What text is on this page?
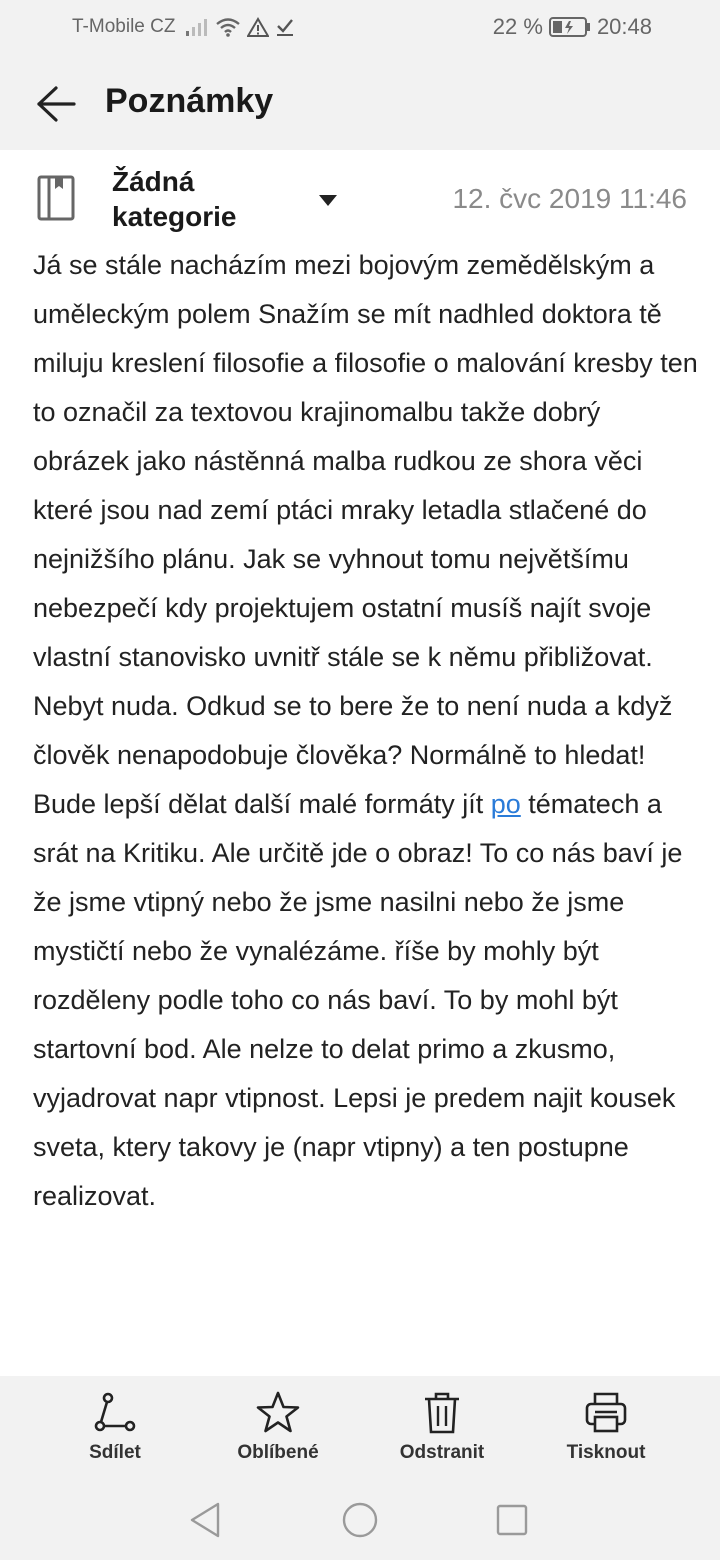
T-Mobile CZ	22 % 20:48
Poznámky
Žádná kategorie
12. čvc 2019 11:46

Já se stále nacházím mezi bojovým zemědělským a uměleckým polem Snažím se mít nadhled doktora tě miluju kreslení filosofie a filosofie o malování kresby ten to označil za textovou krajinomalbu takže dobrý obrázek jako nástěnná malba rudkou ze shora věci které jsou nad zemí ptáci mraky letadla stlačené do nejnižšího plánu. Jak se vyhnout tomu největšímu nebezpečí kdy projektujem ostatní musíš najít svoje vlastní stanovisko uvnitř stále se k němu přibližovat. Nebyt nuda. Odkud se to bere že to není nuda a když člověk nenapodobuje člověka? Normálně to hledat!

Bude lepší dělat další malé formáty jít po tématech a srát na Kritiku. Ale určitě jde o obraz! To co nás baví je že jsme vtipný nebo že jsme nasilni nebo že jsme mystičtí nebo že vynalézáme. říše by mohly být rozděleny podle toho co nás baví. To by mohl být startovní bod. Ale nelze to delat primo a zkusmo, vyjadrovat napr vtipnost. Lepsi je predem najit kousek sveta, ktery takovy je (napr vtipny) a ten postupne realizovat.

Sdílet	Oblíbené	Odstranit	Tisknout
